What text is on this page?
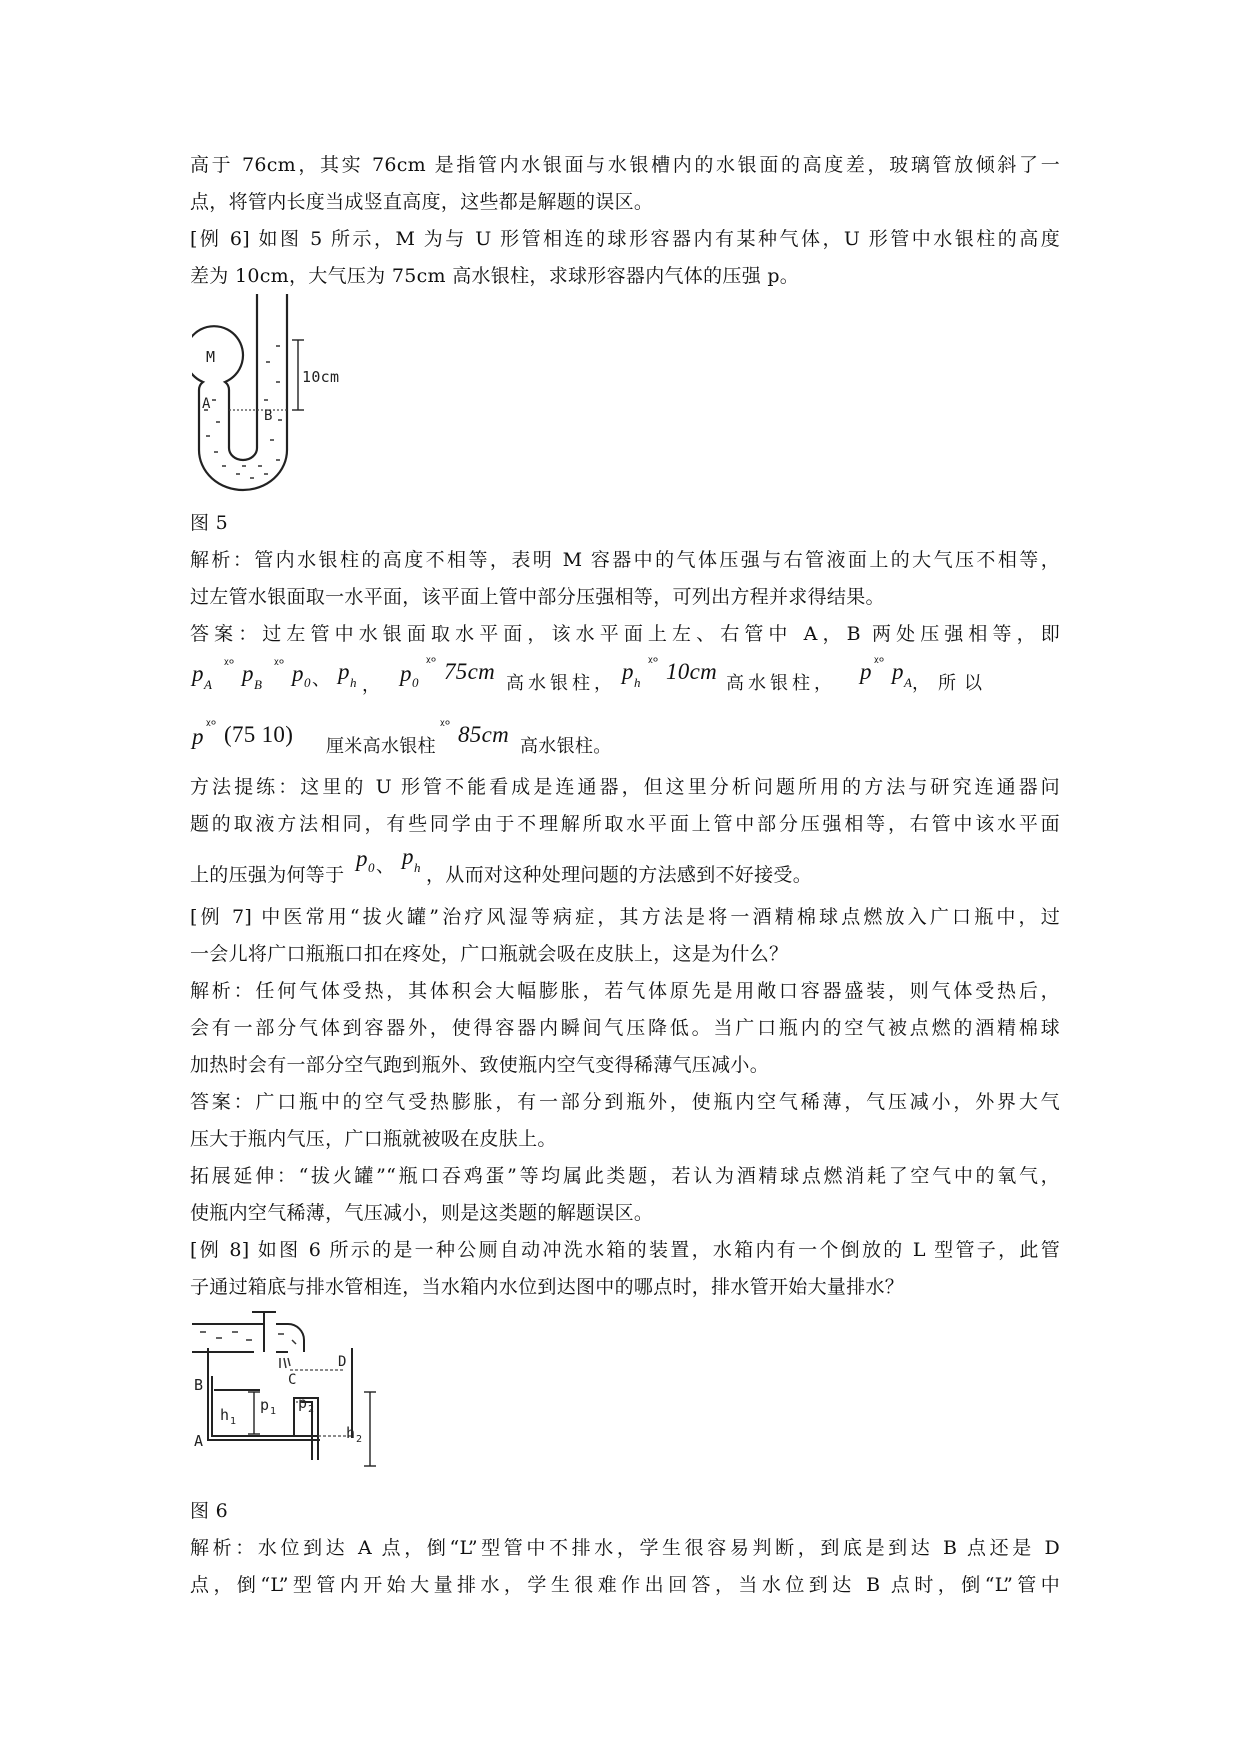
高于 76cm，其实 76cm 是指管内水银面与水银槽内的水银面的高度差，玻璃管放倾斜了一
点，将管内长度当成竖直高度，这些都是解题的误区。
[例 6] 如图 5 所示，M 为与 U 形管相连的球形容器内有某种气体，U 形管中水银柱的高度
差为 10cm，大气压为 75cm 高水银柱，求球形容器内气体的压强 p。
M
A
B
10cm
图 5
解析：管内水银柱的高度不相等，表明 M 容器中的气体压强与右管液面上的大气压不相等，
过左管水银面取一水平面，该平面上管中部分压强相等，可列出方程并求得结果。
答案：过左管中水银面取水平面，该水平面上左、右管中 A，B 两处压强相等，即
p A
ᵡᵒ p B
ᵡᵒ p 0 、 p h ， p 0
ᵡᵒ 75cm 高水银柱， p h
ᵡᵒ 10cm 高水银柱， p ᵡᵒ p A ，所以
p ᵡᵒ (75 10) 厘米高水银柱
ᵡᵒ 85cm 高水银柱。
方法提练：这里的 U 形管不能看成是连通器，但这里分析问题所用的方法与研究连通器问
题的取液方法相同，有些同学由于不理解所取水平面上管中部分压强相等，右管中该水平面
上的压强为何等于
p 0 、 p h ，从而对这种处理问题的方法感到不好接受。
[例 7] 中医常用“拔火罐”治疗风湿等病症，其方法是将一酒精棉球点燃放入广口瓶中，过
一会儿将广口瓶瓶口扣在疼处，广口瓶就会吸在皮肤上，这是为什么？
解析：任何气体受热，其体积会大幅膨胀，若气体原先是用敞口容器盛装，则气体受热后，
会有一部分气体到容器外，使得容器内瞬间气压降低。当广口瓶内的空气被点燃的酒精棉球
加热时会有一部分空气跑到瓶外、致使瓶内空气变得稀薄气压减小。
答案：广口瓶中的空气受热膨胀，有一部分到瓶外，使瓶内空气稀薄，气压减小，外界大气
压大于瓶内气压，广口瓶就被吸在皮肤上。
拓展延伸：“拔火罐”“瓶口吞鸡蛋”等均属此类题，若认为酒精球点燃消耗了空气中的氧气，
使瓶内空气稀薄，气压减小，则是这类题的解题误区。
[例 8] 如图 6 所示的是一种公厕自动冲洗水箱的装置，水箱内有一个倒放的 L 型管子，此管
子通过箱底与排水管相连，当水箱内水位到达图中的哪点时，排水管开始大量排水？
B
A
C
D
h 1
p 1 p 2
h 2
图 6
解析：水位到达 A 点，倒“L”型管中不排水，学生很容易判断，到底是到达 B 点还是 D
点，倒“L”型管内开始大量排水，学生很难作出回答，当水位到达 B 点时，倒“L”管中
